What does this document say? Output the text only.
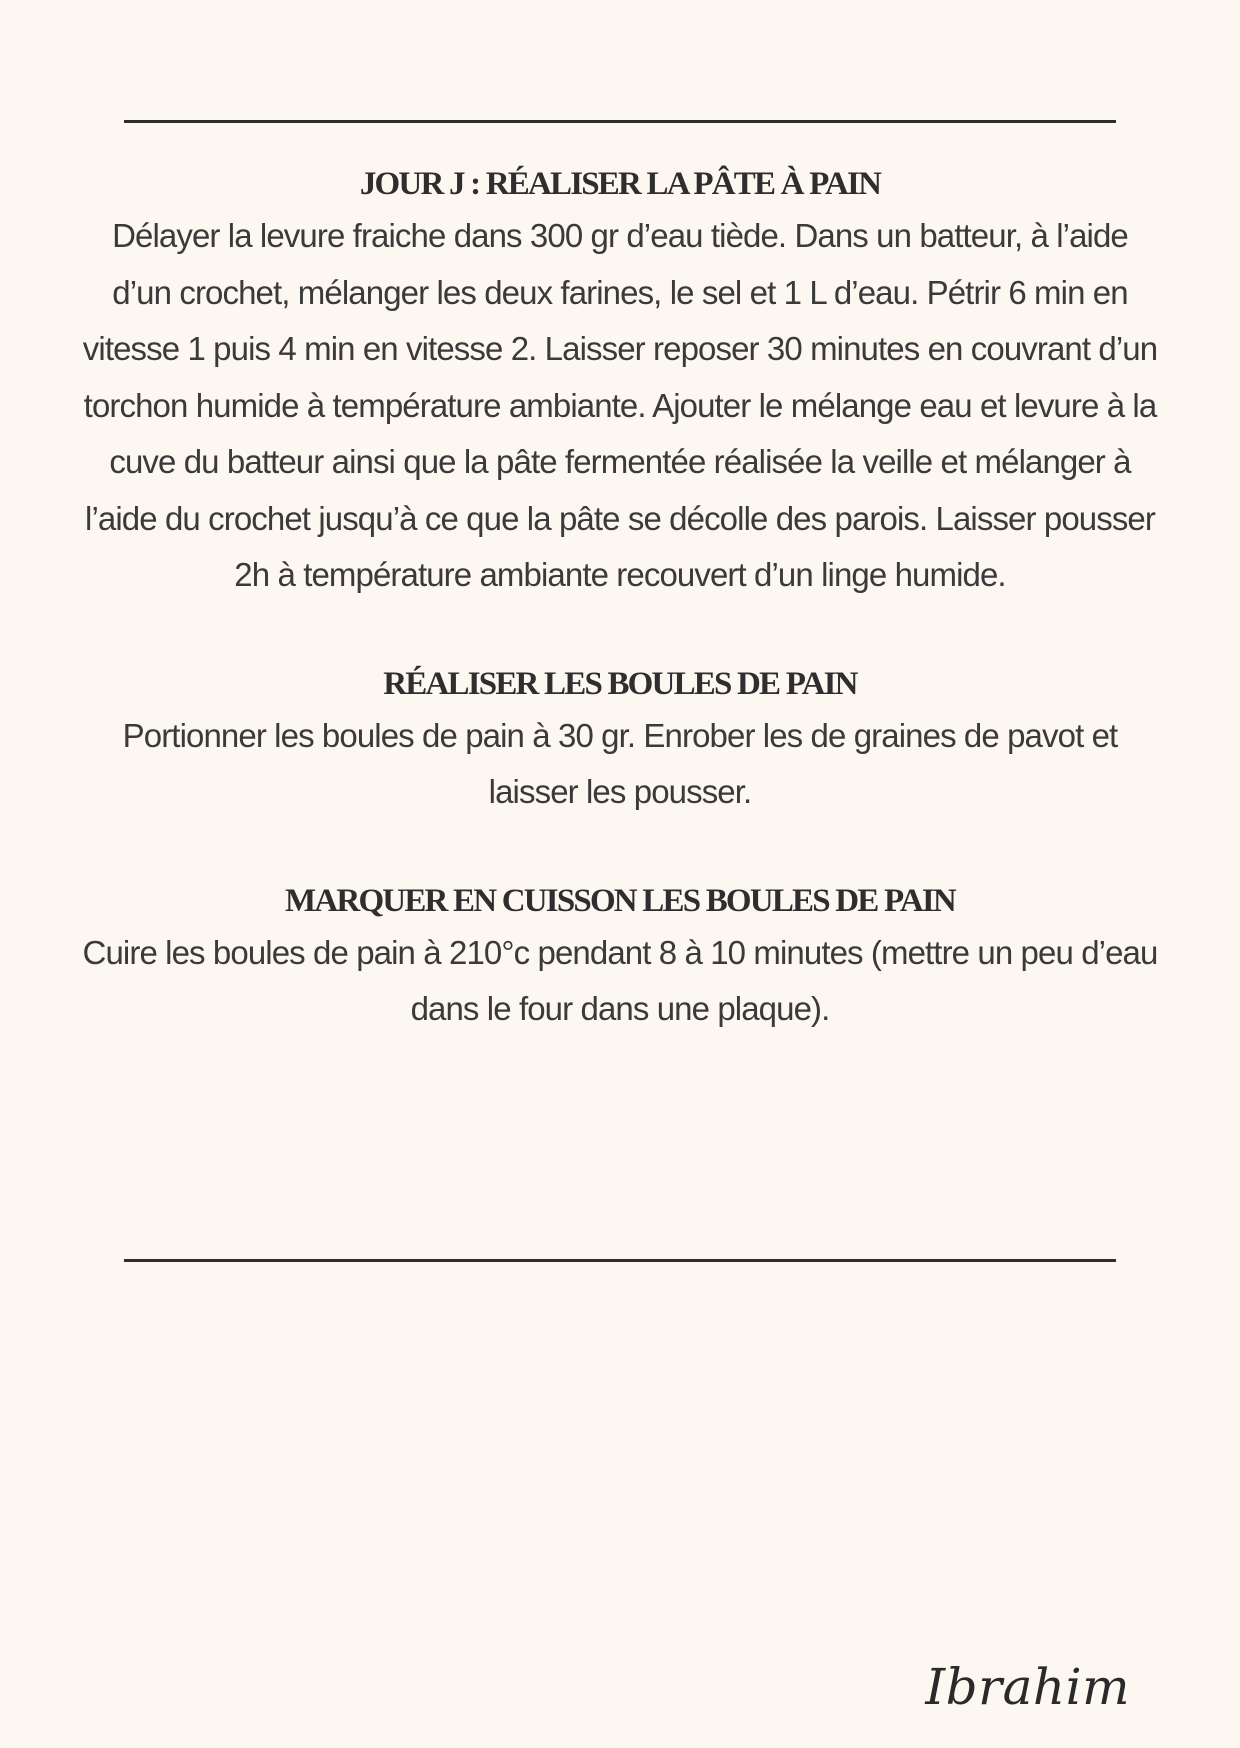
JOUR J : RÉALISER LA PÂTE À PAIN

Délayer la levure fraiche dans 300 gr d’eau tiède. Dans un batteur, à l’aide d’un crochet, mélanger les deux farines, le sel et 1 L d’eau. Pétrir 6 min en vitesse 1 puis 4 min en vitesse 2. Laisser reposer 30 minutes en couvrant d’un torchon humide à température ambiante. Ajouter le mélange eau et levure à la cuve du batteur ainsi que la pâte fermentée réalisée la veille et mélanger à l’aide du crochet jusqu’à ce que la pâte se décolle des parois. Laisser pousser 2h à température ambiante recouvert d’un linge humide.

RÉALISER LES BOULES DE PAIN

Portionner les boules de pain à 30 gr. Enrober les de graines de pavot et laisser les pousser.

MARQUER EN CUISSON LES BOULES DE PAIN

Cuire les boules de pain à 210°c pendant 8 à 10 minutes (mettre un peu d’eau dans le four dans une plaque).

Ibrahim
